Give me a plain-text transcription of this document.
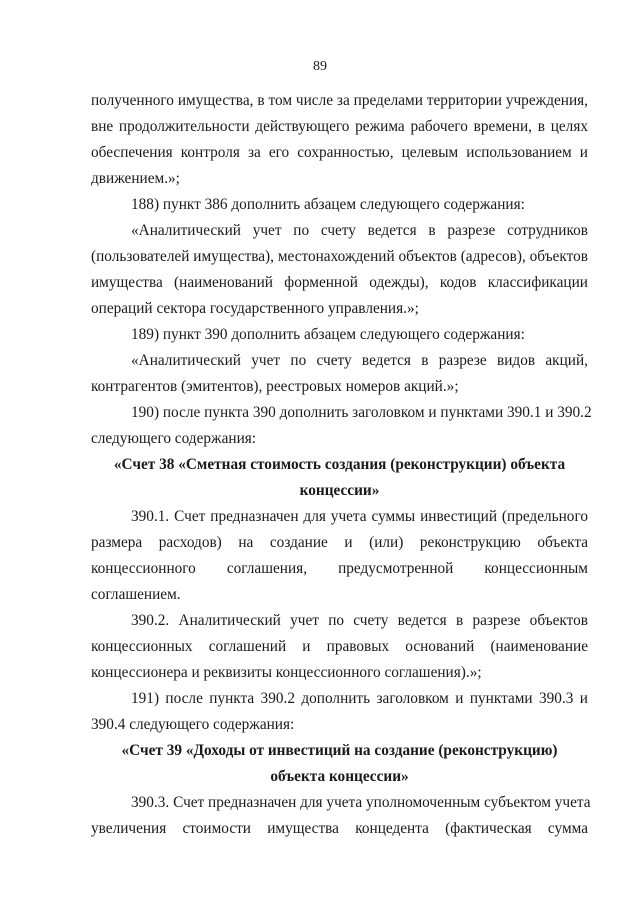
89
полученного имущества, в том числе за пределами территории учреждения,
вне продолжительности действующего режима рабочего времени, в целях
обеспечения контроля за его сохранностью, целевым использованием и
движением.»;
188) пункт 386 дополнить абзацем следующего содержания:
«Аналитический учет по счету ведется в разрезе сотрудников
(пользователей имущества), местонахождений объектов (адресов), объектов
имущества (наименований форменной одежды), кодов классификации
операций сектора государственного управления.»;
189) пункт 390 дополнить абзацем следующего содержания:
«Аналитический учет по счету ведется в разрезе видов акций,
контрагентов (эмитентов), реестровых номеров акций.»;
190) после пункта 390 дополнить заголовком и пунктами 390.1 и 390.2
следующего содержания:
«Счет 38 «Сметная стоимость создания (реконструкции) объекта
концессии»
390.1. Счет предназначен для учета суммы инвестиций (предельного
размера расходов) на создание и (или) реконструкцию объекта
концессионного соглашения, предусмотренной концессионным
соглашением.
390.2. Аналитический учет по счету ведется в разрезе объектов
концессионных соглашений и правовых оснований (наименование
концессионера и реквизиты концессионного соглашения).»;
191) после пункта 390.2 дополнить заголовком и пунктами 390.3 и
390.4 следующего содержания:
«Счет 39 «Доходы от инвестиций на создание (реконструкцию)
объекта концессии»
390.3. Счет предназначен для учета уполномоченным субъектом учета
увеличения стоимости имущества концедента (фактическая сумма
